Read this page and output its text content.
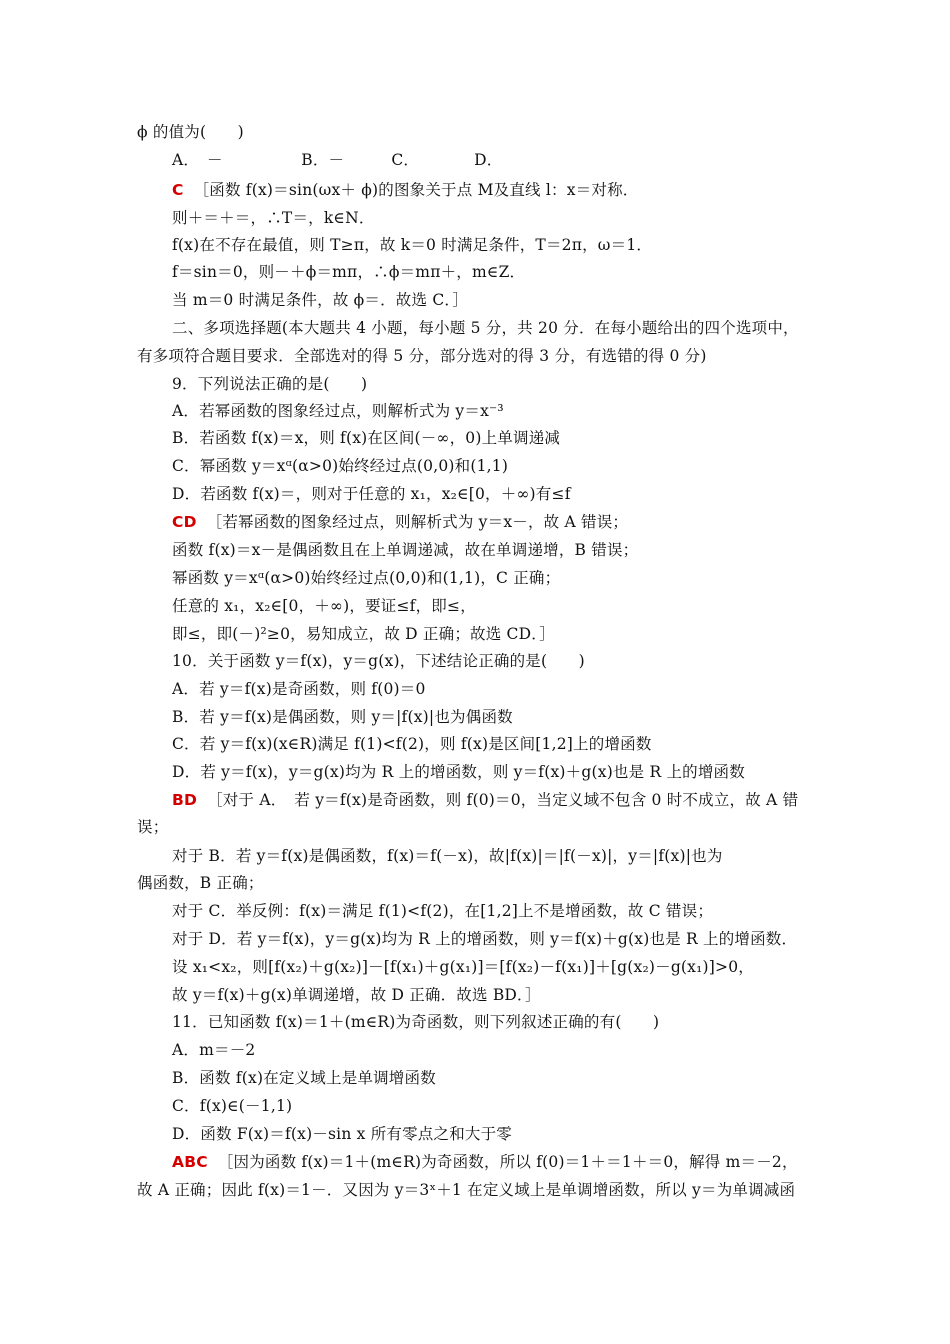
ϕ 的值为(　　)
A．　－　　　　　B．－　　　C．　　　　D．
C ［函数 f(x)＝sin(ωx＋ ϕ)的图象关于点 M及直线 l：x＝对称．
则＋＝＋＝，∴T＝，k∈N．
f(x)在不存在最值，则 T≥π，故 k＝0 时满足条件，T＝2π，ω＝1．
f＝sin＝0，则－＋ϕ＝mπ，∴ϕ＝mπ＋，m∈Z．
当 m＝0 时满足条件，故 ϕ＝．故选 C．］
二、多项选择题(本大题共 4 小题，每小题 5 分，共 20 分．在每小题给出的四个选项中，
有多项符合题目要求．全部选对的得 5 分，部分选对的得 3 分，有选错的得 0 分)
9．下列说法正确的是(　　)
A．若幂函数的图象经过点，则解析式为 y＝x⁻³
B．若函数 f(x)＝x，则 f(x)在区间(－∞，0)上单调递减
C．幂函数 y＝xᵅ(α>0)始终经过点(0,0)和(1,1)
D．若函数 f(x)＝，则对于任意的 x₁，x₂∈[0，＋∞)有≤f
CD ［若幂函数的图象经过点，则解析式为 y＝x－，故 A 错误；
函数 f(x)＝x－是偶函数且在上单调递减，故在单调递增，B 错误；
幂函数 y＝xᵅ(α>0)始终经过点(0,0)和(1,1)，C 正确；
任意的 x₁，x₂∈[0，＋∞)，要证≤f，即≤，
即≤，即(－)²≥0，易知成立，故 D 正确；故选 CD．］
10．关于函数 y＝f(x)，y＝g(x)，下述结论正确的是(　　)
A．若 y＝f(x)是奇函数，则 f(0)＝0
B．若 y＝f(x)是偶函数，则 y＝|f(x)|也为偶函数
C．若 y＝f(x)(x∈R)满足 f(1)<f(2)，则 f(x)是区间[1,2]上的增函数
D．若 y＝f(x)，y＝g(x)均为 R 上的增函数，则 y＝f(x)＋g(x)也是 R 上的增函数
BD ［对于 A．　若 y＝f(x)是奇函数，则 f(0)＝0，当定义域不包含 0 时不成立，故 A 错
误；
对于 B．若 y＝f(x)是偶函数，f(x)＝f(－x)，故|f(x)|＝|f(－x)|，y＝|f(x)|也为
偶函数，B 正确；
对于 C．举反例：f(x)＝满足 f(1)<f(2)，在[1,2]上不是增函数，故 C 错误；
对于 D．若 y＝f(x)，y＝g(x)均为 R 上的增函数，则 y＝f(x)＋g(x)也是 R 上的增函数．
设 x₁<x₂，则[f(x₂)＋g(x₂)]－[f(x₁)＋g(x₁)]＝[f(x₂)－f(x₁)]＋[g(x₂)－g(x₁)]>0，
故 y＝f(x)＋g(x)单调递增，故 D 正确．故选 BD．］
11．已知函数 f(x)＝1＋(m∈R)为奇函数，则下列叙述正确的有(　　)
A．m＝－2
B．函数 f(x)在定义域上是单调增函数
C．f(x)∈(－1,1)
D．函数 F(x)＝f(x)－sin x 所有零点之和大于零
ABC ［因为函数 f(x)＝1＋(m∈R)为奇函数，所以 f(0)＝1＋＝1＋＝0，解得 m＝－2，
故 A 正确；因此 f(x)＝1－．又因为 y＝3ˣ＋1 在定义域上是单调增函数，所以 y＝为单调减函
